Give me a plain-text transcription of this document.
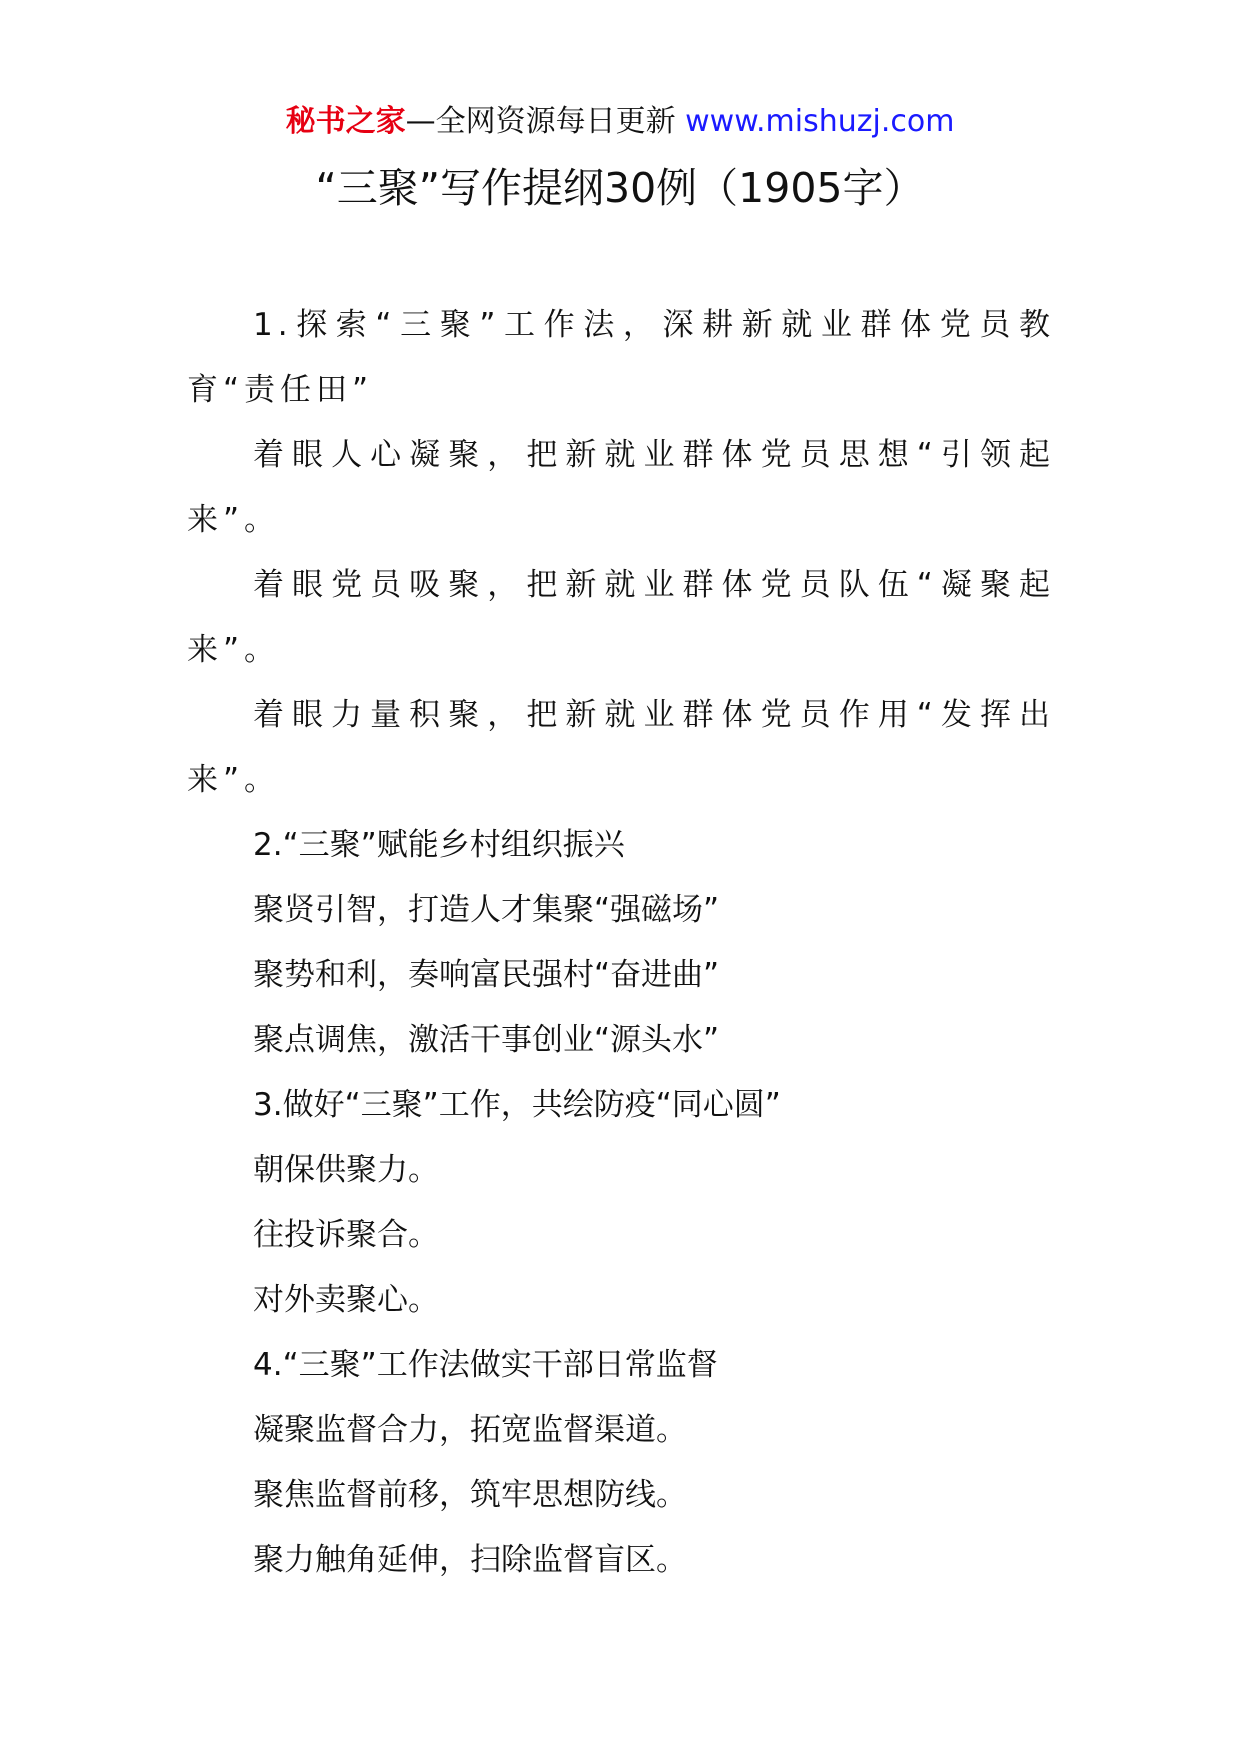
秘书之家—全网资源每日更新 www.mishuzj.com
“三聚”写作提纲30例（1905字）

1.探索“三聚”工作法，深耕新就业群体党员教育“责任田”

着眼人心凝聚，把新就业群体党员思想“引领起来”。

着眼党员吸聚，把新就业群体党员队伍“凝聚起来”。

着眼力量积聚，把新就业群体党员作用“发挥出来”。

2.“三聚”赋能乡村组织振兴

聚贤引智，打造人才集聚“强磁场”

聚势和利，奏响富民强村“奋进曲”

聚点调焦，激活干事创业“源头水”

3.做好“三聚”工作，共绘防疫“同心圆”

朝保供聚力。

往投诉聚合。

对外卖聚心。

4.“三聚”工作法做实干部日常监督

凝聚监督合力，拓宽监督渠道。

聚焦监督前移，筑牢思想防线。

聚力触角延伸，扫除监督盲区。
